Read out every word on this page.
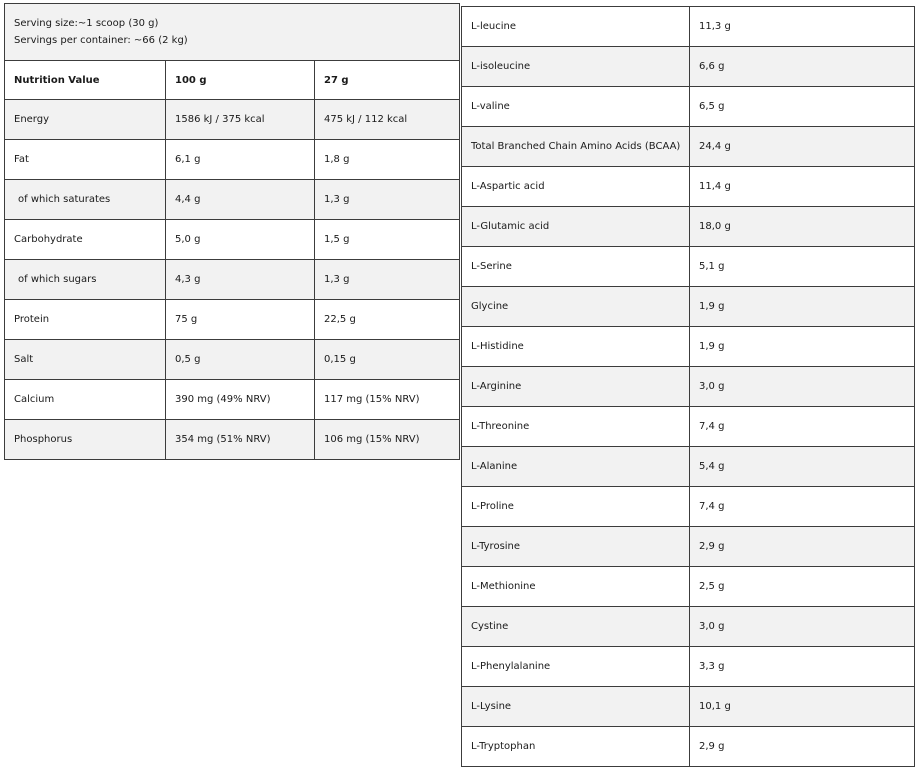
Serving size:~1 scoop (30 g)
Servings per container: ~66 (2 kg)		

Nutrition Value	100 g	27 g
Energy	1586 kJ / 375 kcal	475 kJ / 112 kcal
Fat	6,1 g	1,8 g
of which saturates	4,4 g	1,3 g
Carbohydrate	5,0 g	1,5 g
of which sugars	4,3 g	1,3 g
Protein	75 g	22,5 g
Salt	0,5 g	0,15 g
Calcium	390 mg (49% NRV)	117 mg (15% NRV)
Phosphorus	354 mg (51% NRV)	106 mg (15% NRV)
L-leucine	11,3 g
L-isoleucine	6,6 g
L-valine	6,5 g
Total Branched Chain Amino Acids (BCAA)	24,4 g
L-Aspartic acid	11,4 g
L-Glutamic acid	18,0 g
L-Serine	5,1 g
Glycine	1,9 g
L-Histidine	1,9 g
L-Arginine	3,0 g
L-Threonine	7,4 g
L-Alanine	5,4 g
L-Proline	7,4 g
L-Tyrosine	2,9 g
L-Methionine	2,5 g
Cystine	3,0 g
L-Phenylalanine	3,3 g
L-Lysine	10,1 g
L-Tryptophan	2,9 g
